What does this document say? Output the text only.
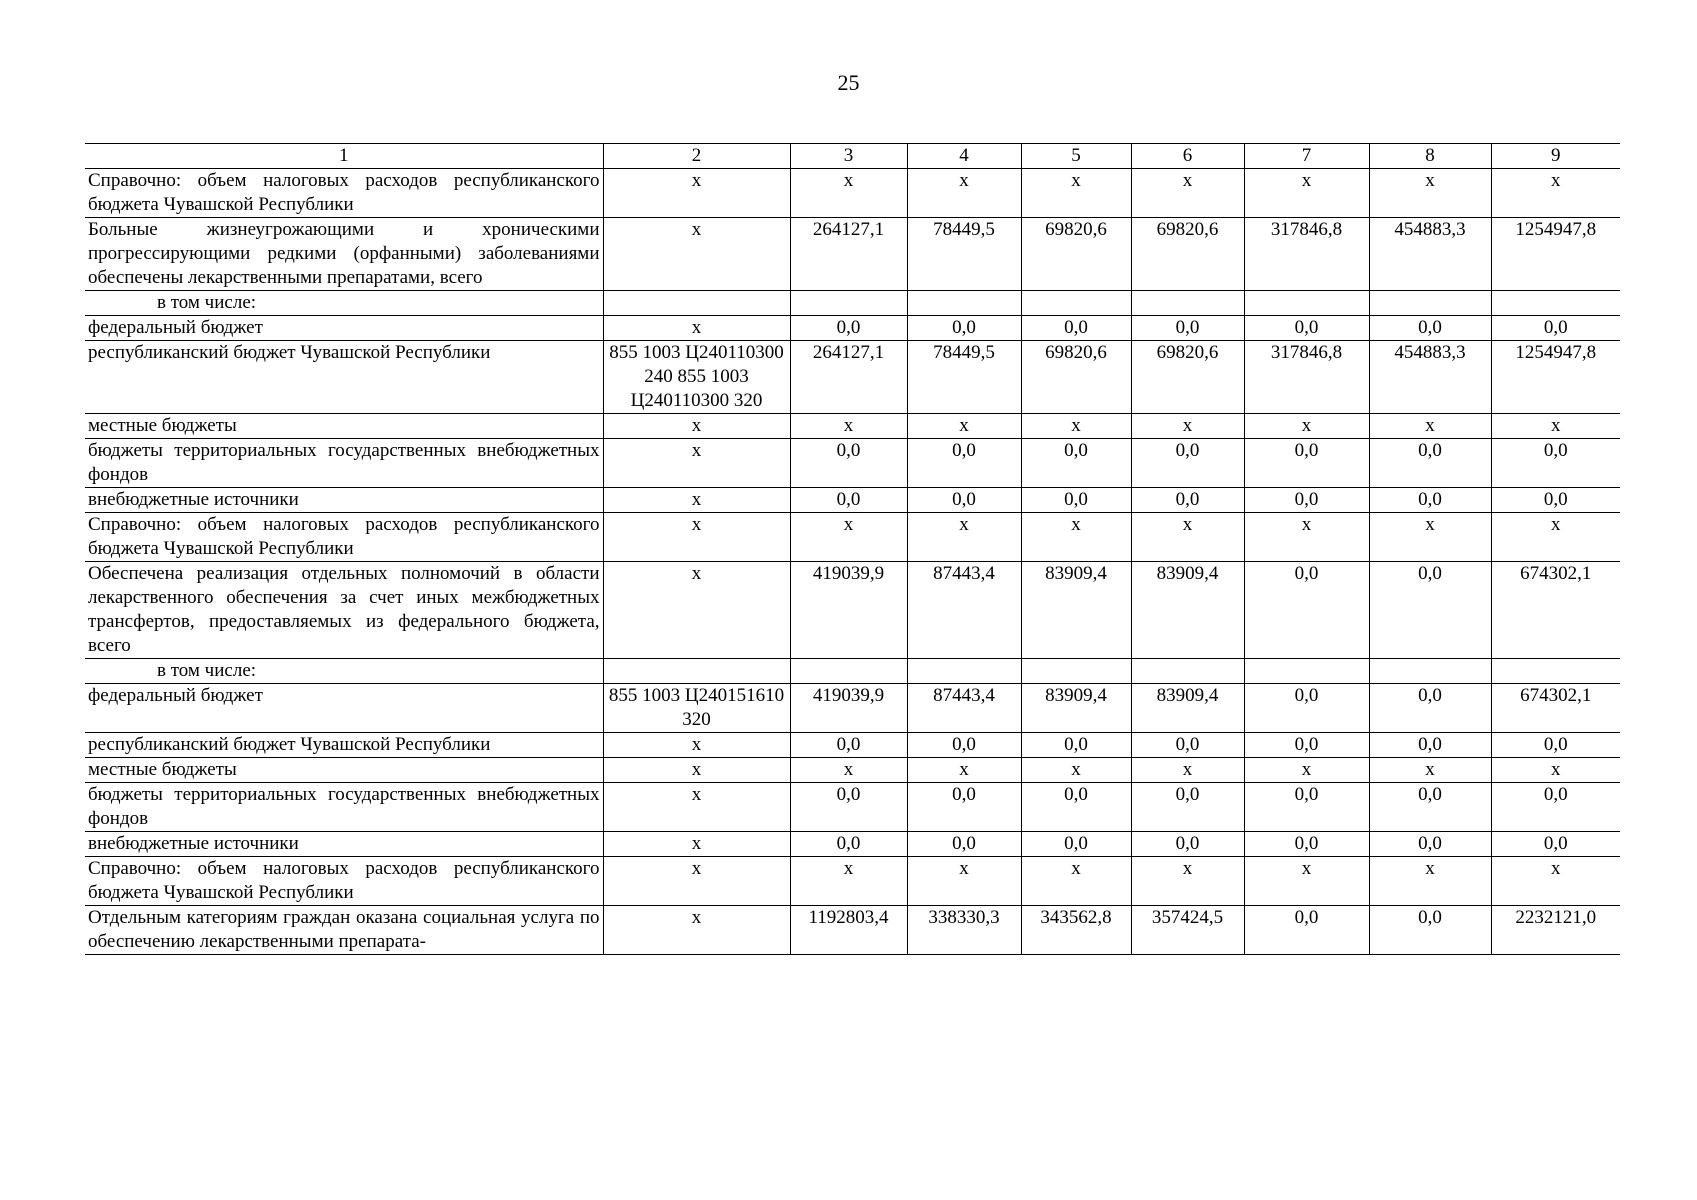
25
1	2	3	4	5	6	7	8	9
Справочно: объем налоговых расходов республиканского бюджета Чувашской Республики	х	х	х	х	х	х	х	х
Больные жизнеугрожающими и хроническими прогрессирующими редкими (орфанными) заболеваниями обеспечены лекарственными препаратами, всего	х	264127,1	78449,5	69820,6	69820,6	317846,8	454883,3	1254947,8
в том числе:								
федеральный бюджет	х	0,0	0,0	0,0	0,0	0,0	0,0	0,0
республиканский бюджет Чувашской Республики	855 1003 Ц240110300 240 855 1003 Ц240110300 320	264127,1	78449,5	69820,6	69820,6	317846,8	454883,3	1254947,8
местные бюджеты	х	х	х	х	х	х	х	х
бюджеты территориальных государственных внебюджетных фондов	х	0,0	0,0	0,0	0,0	0,0	0,0	0,0
внебюджетные источники	х	0,0	0,0	0,0	0,0	0,0	0,0	0,0
Справочно: объем налоговых расходов республиканского бюджета Чувашской Республики	х	х	х	х	х	х	х	х
Обеспечена реализация отдельных полномочий в области лекарственного обеспечения за счет иных межбюджетных трансфертов, предоставляемых из федерального бюджета, всего	х	419039,9	87443,4	83909,4	83909,4	0,0	0,0	674302,1
в том числе:								
федеральный бюджет	855 1003 Ц240151610 320	419039,9	87443,4	83909,4	83909,4	0,0	0,0	674302,1
республиканский бюджет Чувашской Республики	х	0,0	0,0	0,0	0,0	0,0	0,0	0,0
местные бюджеты	х	х	х	х	х	х	х	х
бюджеты территориальных государственных внебюджетных фондов	х	0,0	0,0	0,0	0,0	0,0	0,0	0,0
внебюджетные источники	х	0,0	0,0	0,0	0,0	0,0	0,0	0,0
Справочно: объем налоговых расходов республиканского бюджета Чувашской Республики	х	х	х	х	х	х	х	х
Отдельным категориям граждан оказана социальная услуга по обеспечению лекарственными препарата-	х	1192803,4	338330,3	343562,8	357424,5	0,0	0,0	2232121,0
